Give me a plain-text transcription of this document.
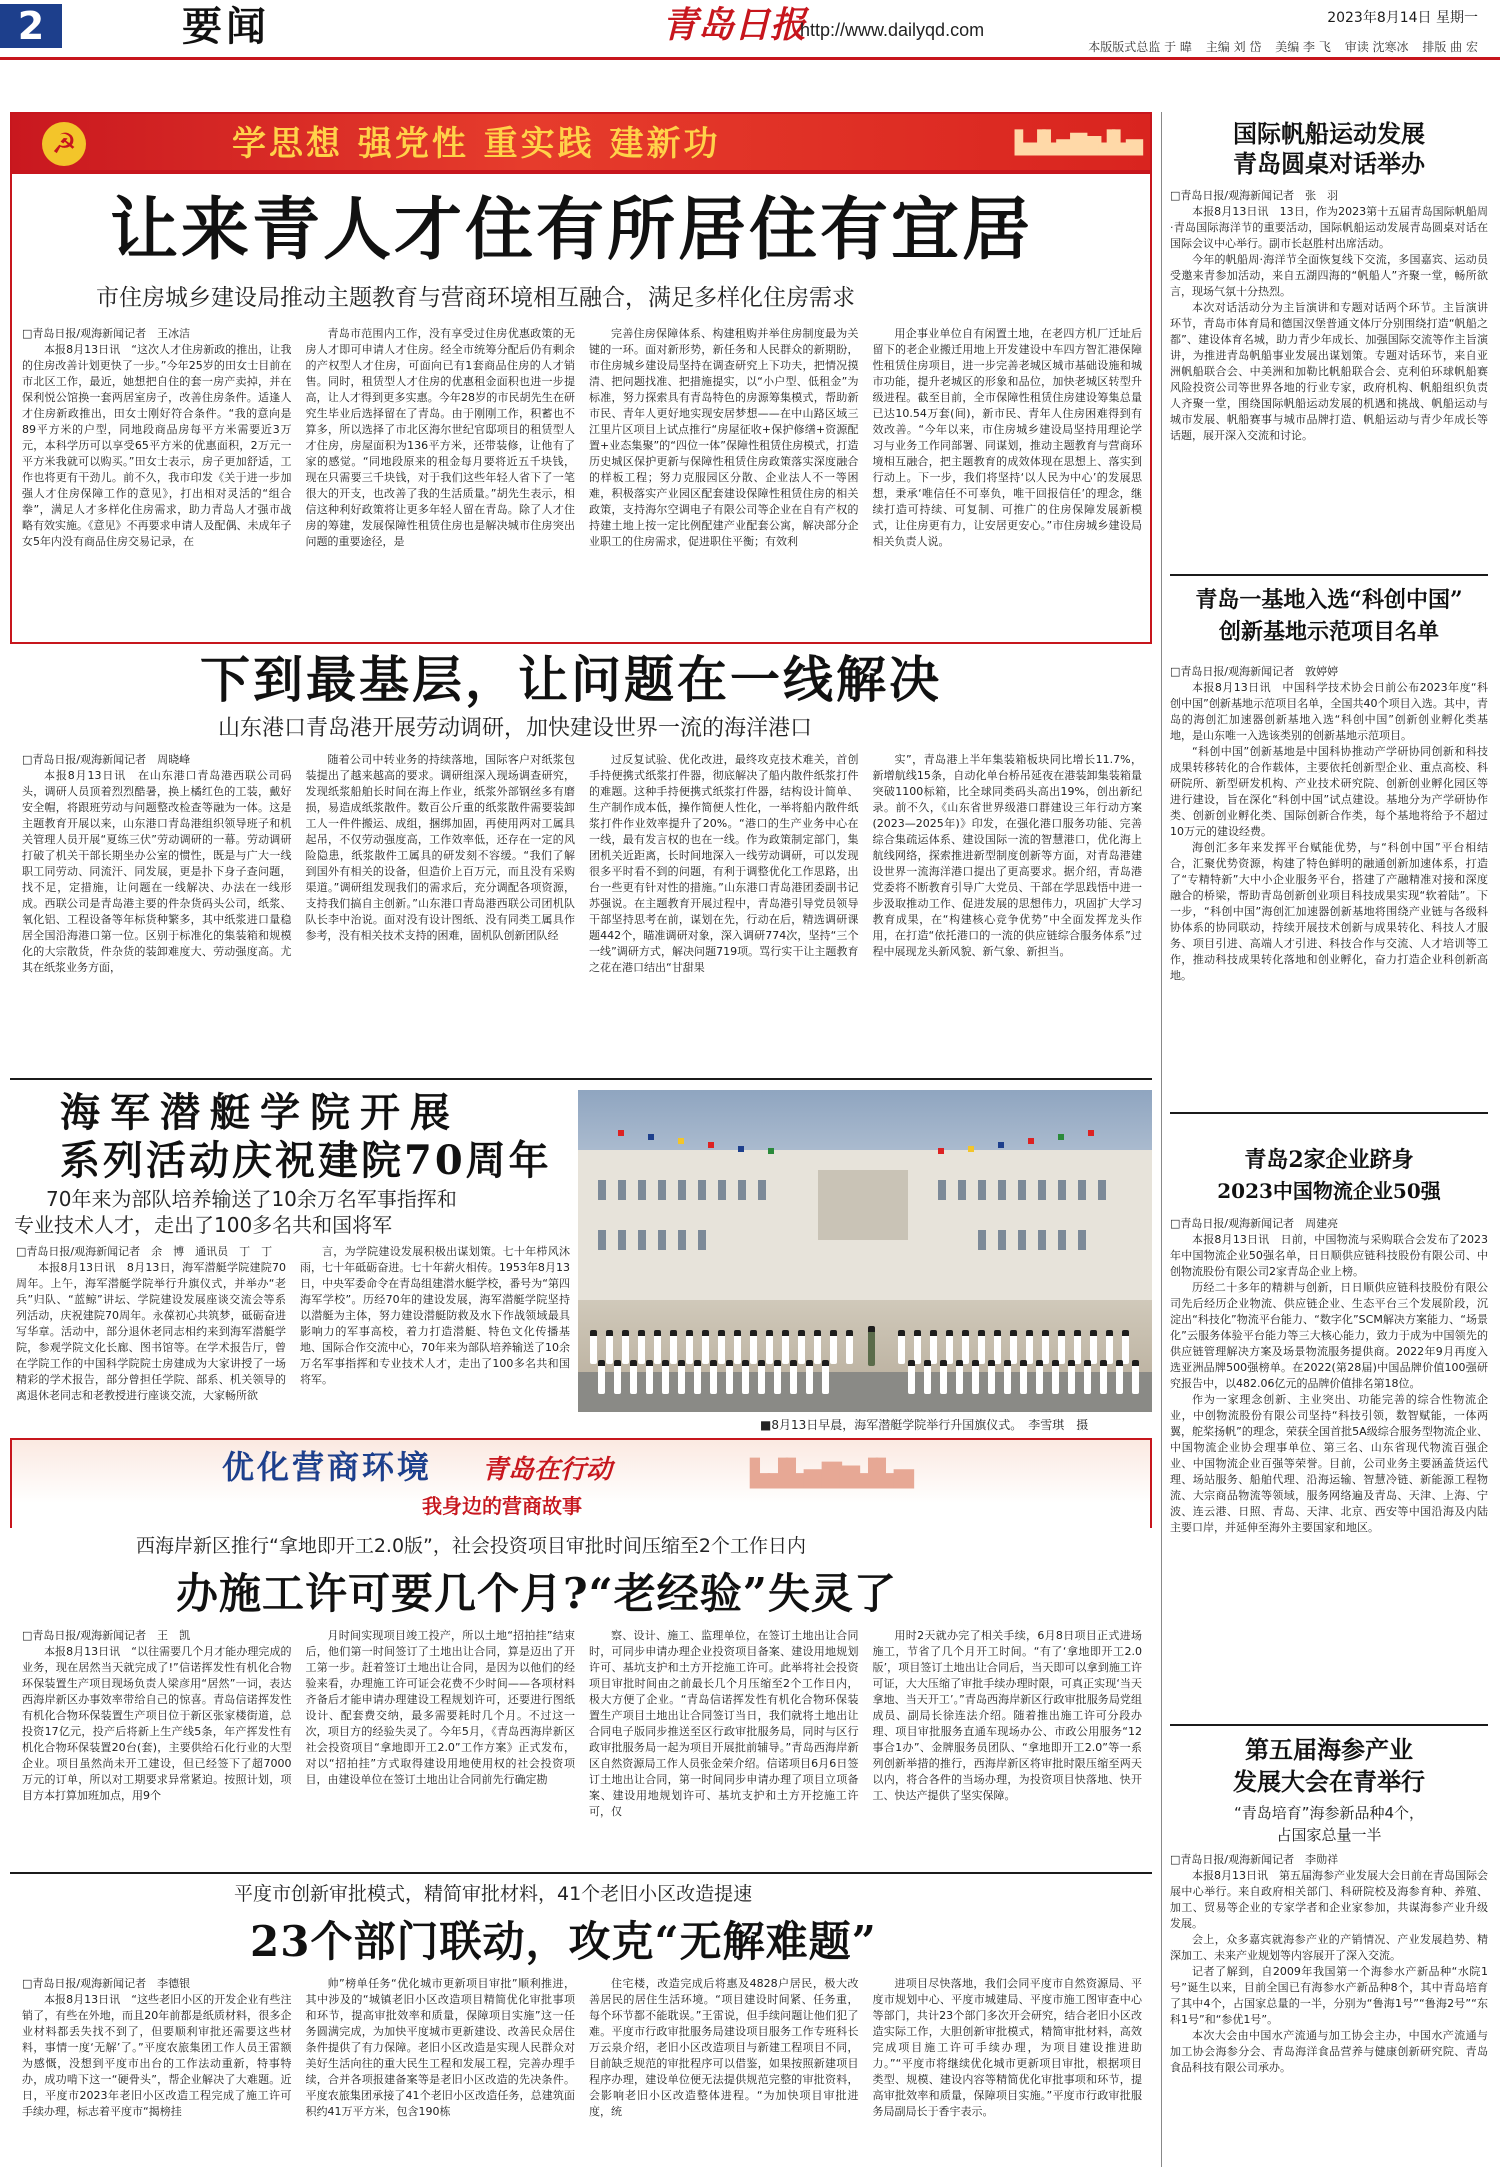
2	要闻	青岛日报
http://www.dailyqd.com
2023年8月14日 星期一
本版版式总监 于 暐 主编 刘 岱 美编 李 飞 审读 沈寒冰 排版 曲 宏
☭	学思想 强党性 重实践 建新功	▙▟▙▅▇▆▟▙▅
让来青人才住有所居住有宜居
市住房城乡建设局推动主题教育与营商环境相互融合，满足多样化住房需求

□青岛日报/观海新闻记者　王冰洁

本报8月13日讯　“这次人才住房新政的推出，让我的住房改善计划更快了一步。”今年25岁的田女士目前在市北区工作，最近，她想把自住的套一房产卖掉，并在保利悦公馆换一套两居室房子，改善住房条件。适逢人才住房新政推出，田女士刚好符合条件。“我的意向是89平方米的户型，同地段商品房每平方米需要近3万元，本科学历可以享受65平方米的优惠面积，2万元一平方米我就可以购买。”田女士表示，房子更加舒适，工作也将更有干劲儿。前不久，我市印发《关于进一步加强人才住房保障工作的意见》，打出相对灵活的“组合拳”，满足人才多样化住房需求，助力青岛人才强市战略有效实施。《意见》不再要求申请人及配偶、未成年子女5年内没有商品住房交易记录，在

青岛市范围内工作，没有享受过住房优惠政策的无房人才即可申请人才住房。经全市统筹分配后仍有剩余的产权型人才住房，可面向已有1套商品住房的人才销售。同时，租赁型人才住房的优惠租金面积也进一步提高，让人才得到更多实惠。今年28岁的市民胡先生在研究生毕业后选择留在了青岛。由于刚刚工作，积蓄也不算多，所以选择了市北区海尔世纪官邸项目的租赁型人才住房，房屋面积为136平方米，还带装修，让他有了家的感觉。“同地段原来的租金每月要将近五千块钱，现在只需要三千块钱，对于我们这些年轻人省下了一笔很大的开支，也改善了我的生活质量。”胡先生表示，相信这种利好政策将让更多年轻人留在青岛。除了人才住房的筹建，发展保障性租赁住房也是解决城市住房突出问题的重要途径，是

完善住房保障体系、构建租购并举住房制度最为关键的一环。面对新形势，新任务和人民群众的新期盼，市住房城乡建设局坚持在调查研究上下功夫，把情况摸清、把问题找准、把措施提实，以“小户型、低租金”为标准，努力探索具有青岛特色的房源筹集模式，帮助新市民、青年人更好地实现安居梦想——在中山路区域三江里片区项目上试点推行“房屋征收+保护修缮+资源配置+业态集聚”的“四位一体”保障性租赁住房模式，打造历史城区保护更新与保障性租赁住房政策落实深度融合的样板工程；努力克服园区分散、企业法人不一等困难，积极落实产业园区配套建设保障性租赁住房的相关政策，支持海尔空调电子有限公司等企业在自有产权的持建土地上按一定比例配建产业配套公寓，解决部分企业职工的住房需求，促进职住平衡；有效利

用企事业单位自有闲置土地，在老四方机厂迁址后留下的老企业搬迁用地上开发建设中车四方智汇港保障性租赁住房项目，进一步完善老城区城市基础设施和城市功能，提升老城区的形象和品位，加快老城区转型升级进程。截至目前，全市保障性租赁住房建设筹集总量已达10.54万套(间)，新市民、青年人住房困难得到有效改善。“今年以来，市住房城乡建设局坚持用理论学习与业务工作同部署、同谋划，推动主题教育与营商环境相互融合，把主题教育的成效体现在思想上、落实到行动上。下一步，我们将坚持‘以人民为中心’的发展思想，秉承‘唯信任不可辜负，唯干回报信任’的理念，继续打造可持续、可复制、可推广的住房保障发展新模式，让住房更有力，让安居更安心。”市住房城乡建设局相关负责人说。

下到最基层，让问题在一线解决
山东港口青岛港开展劳动调研，加快建设世界一流的海洋港口

□青岛日报/观海新闻记者　周晓峰

本报8月13日讯　在山东港口青岛港西联公司码头，调研人员顶着烈烈酷暑，换上橘红色的工装，戴好安全帽，将跟班劳动与问题整改检查等融为一体。这是主题教育开展以来，山东港口青岛港组织领导班子和机关管理人员开展“夏练三伏”劳动调研的一幕。劳动调研打破了机关干部长期坐办公室的惯性，既是与广大一线职工同劳动、同流汗、同发展，更是扑下身子查问题，找不足，定措施，让问题在一线解决、办法在一线形成。西联公司是青岛港主要的件杂货码头公司，纸浆、氧化铝、工程设备等年标货种繁多，其中纸浆进口量稳居全国沿海港口第一位。区别于标准化的集装箱和规模化的大宗散货，件杂货的装卸难度大、劳动强度高。尤其在纸浆业务方面，

随着公司中转业务的持续落地，国际客户对纸浆包装提出了越来越高的要求。调研组深入现场调查研究，发现纸浆船舶长时间在海上作业，纸浆外部钢丝多有磨损，易造成纸浆散件。数百公斤重的纸浆散件需要装卸工人一件件搬运、成组，捆绑加固，再使用两对工属具起吊，不仅劳动强度高，工作效率低，还存在一定的风险隐患，纸浆散件工属具的研发刻不容缓。“我们了解到国外有相关的设备，但造价上百万元，而且没有采购渠道。”调研组发现我们的需求后，充分调配各项资源，支持我们搞自主创新。”山东港口青岛港西联公司团机队队长李中治说。面对没有设计图纸、没有同类工属具作参考，没有相关技术支持的困难，固机队创新团队经

过反复试验、优化改进，最终攻克技术难关，首创手持便携式纸浆打件器，彻底解决了船内散件纸浆打件的难题。这种手持便携式纸浆打件器，结构设计简单、生产制作成本低，操作简便人性化，一举将船内散件纸浆打件作业效率提升了20%。“港口的生产业务中心在一线，最有发言权的也在一线。作为政策制定部门，集团机关近距离，长时间地深入一线劳动调研，可以发现很多平时看不到的问题，有利于调整优化工作思路，出台一些更有针对性的措施。”山东港口青岛港团委副书记苏强说。在主题教育开展过程中，青岛港引导党员领导干部坚持思考在前，谋划在先，行动在后，精选调研课题442个，瞄准调研对象，深入调研774次，坚持“三个一线”调研方式，解决问题719项。骂行实干让主题教育之花在港口结出“甘甜果

实”，青岛港上半年集装箱板块同比增长11.7%，新增航线15条，自动化单台桥吊延夜在港装卸集装箱量突破1100标箱，比全球同类码头高出19%，创出新纪录。前不久，《山东省世界级港口群建设三年行动方案(2023—2025年)》印发，在强化港口服务功能、完善综合集疏运体系、建设国际一流的智慧港口，优化海上航线网络，探索推进新型制度创新等方面，对青岛港建设世界一流海洋港口提出了更高要求。据介绍，青岛港党委将不断教育引导广大党员、干部在学思践悟中进一步汲取推动工作、促进发展的思想伟力，巩固扩大学习教育成果，在“构建核心竞争优势”中全面发挥龙头作用，在打造“依托港口的一流的供应链综合服务体系”过程中展现龙头新风貌、新气象、新担当。

海军潜艇学院开展
系列活动庆祝建院70周年
70年来为部队培养输送了10余万名军事指挥和
专业技术人才，走出了100多名共和国将军

□青岛日报/观海新闻记者　余　博　通讯员　丁　丁

本报8月13日讯　8月13日，海军潜艇学院建院70周年。上午，海军潜艇学院举行升旗仪式，并举办“老兵”归队、“蓝鲸”讲坛、学院建设发展座谈交流会等系列活动，庆祝建院70周年。永葆初心共筑梦，砥砺奋进写华章。活动中，部分退休老同志相约来到海军潜艇学院，参观学院文化长廊、图书馆等。在学术报告厅，曾在学院工作的中国科学院院士房建成为大家讲授了一场精彩的学术报告，部分曾担任学院、部系、机关领导的离退休老同志和老教授进行座谈交流，大家畅所欲

言，为学院建设发展积极出谋划策。七十年栉风沐雨，七十年砥砺奋进。七十年薪火相传。1953年8月13日，中央军委命令在青岛组建潜水艇学校，番号为“第四海军学校”。历经70年的建设发展，海军潜艇学院坚持以潜艇为主体，努力建设潜艇防救及水下作战领域最具影响力的军事高校，着力打造潜艇、特色文化传播基地、国际合作交流中心，70年来为部队培养输送了10余万名军事指挥和专业技术人才，走出了100多名共和国将军。

■8月13日早晨，海军潜艇学院举行升国旗仪式。　李雪琪　摄
优化营商环境 青岛在行动
我身边的营商故事
▙▟▙▅▇▆▟▙▅
西海岸新区推行“拿地即开工2.0版”，社会投资项目审批时间压缩至2个工作日内
办施工许可要几个月?“老经验”失灵了

□青岛日报/观海新闻记者　王　凯

本报8月13日讯　“以往需要几个月才能办理完成的业务，现在居然当天就完成了!”信诺挥发性有机化合物环保装置生产项目现场负责人梁彦用“居然”一词，表达西海岸新区办事效率带给自己的惊喜。青岛信诺挥发性有机化合物环保装置生产项目位于新区张家楼街道，总投资17亿元，投产后将新上生产线5条，年产挥发性有机化合物环保装置20台(套)，主要供给石化行业的大型企业。项目虽然尚未开工建设，但已经签下了超7000万元的订单，所以对工期要求异常紧迫。按照计划，项目方本打算加班加点，用9个

月时间实现项目竣工投产，所以土地“招拍挂”结束后，他们第一时间签订了土地出让合同，算是迈出了开工第一步。赶着签订土地出让合同，是因为以他们的经验来看，办理施工许可证会花费不少时间——各项材料齐备后才能申请办理建设工程规划许可，还要进行图纸设计、配套费交纳，最多需要耗时几个月。不过这一次，项目方的经验失灵了。今年5月，《青岛西海岸新区社会投资项目“拿地即开工2.0”工作方案》正式发布，对以“招拍挂”方式取得建设用地使用权的社会投资项目，由建设单位在签订土地出让合同前先行确定勘

察、设计、施工、监理单位，在签订土地出让合同时，可同步申请办理企业投资项目备案、建设用地规划许可、基坑支护和土方开挖施工许可。此举将社会投资项目审批时间由之前最长几个月压缩至2个工作日内，极大方便了企业。“青岛信诺挥发性有机化合物环保装置生产项目土地出让合同签订当日，我们就将土地出让合同电子版同步推送至区行政审批服务局，同时与区行政审批服务局一起为项目开展批前辅导。”青岛西海岸新区自然资源局工作人员张金荣介绍。信诺项目6月6日签订土地出让合同，第一时间同步申请办理了项目立项备案、建设用地规划许可、基坑支护和土方开挖施工许可，仅

用时2天就办完了相关手续，6月8日项目正式进场施工，节省了几个月开工时间。“有了‘拿地即开工2.0版’，项目签订土地出让合同后，当天即可以拿到施工许可证，大大压缩了审批手续办理时限，可真正实现‘当天拿地、当天开工’。”青岛西海岸新区行政审批服务局党组成员、副局长徐连法介绍。随着推出施工许可分段办理、项目审批服务直通车现场办公、市政公用服务“12事合1办”、金牌服务员团队、“拿地即开工2.0”等一系列创新举措的推行，西海岸新区将审批时限压缩至两天以内，将合各件的当场办理，为投资项目快落地、快开工、快达产提供了坚实保障。

平度市创新审批模式，精简审批材料，41个老旧小区改造提速
23个部门联动，攻克“无解难题”

□青岛日报/观海新闻记者　李德银

本报8月13日讯　“这些老旧小区的开发企业有些注销了，有些在外地，而且20年前都是纸质材料，很多企业材料都丢失找不到了，但要顺利审批还需要这些材料，事情一度‘无解’了。”平度农旅集团工作人员王雷额为感慨，没想到平度市出台的工作法动重新，特事特办，成功啃下这一“硬骨头”，帮企业解决了大难题。近日，平度市2023年老旧小区改造工程完成了施工许可手续办理，标志着平度市“揭榜挂

帅”榜单任务“优化城市更新项目审批”顺利推进，其中涉及的“城镇老旧小区改造项目精简优化审批事项和环节，提高审批效率和质量，保障项目实施”这一任务圆满完成，为加快平度城市更新建设、改善民众居住条件提供了有力保障。老旧小区改造是实现人民群众对美好生活向往的重大民生工程和发展工程，完善办理手续，合并各项报建备案等是老旧小区改造的先决条件。平度农旅集团承接了41个老旧小区改造任务，总建筑面积约41万平方米，包含190栋

住宅楼，改造完成后将惠及4828户居民，极大改善居民的居住生活环境。“项目建设时间紧、任务重，每个环节都不能耽误。”王雷说，但手续问题让他们犯了难。平度市行政审批服务局建设项目服务工作专班科长万云泉介绍，老旧小区改造项目与新建工程项目不同，目前缺乏规范的审批程序可以借鉴，如果按照新建项目程序办理，建设单位便无法提供规范完整的审批资料，会影响老旧小区改造整体进程。“为加快项目审批进度，统

进项目尽快落地，我们会同平度市自然资源局、平度市规划中心、平度市城建局、平度市施工图审查中心等部门，共计23个部门多次开会研究，结合老旧小区改造实际工作，大胆创新审批模式，精简审批材料，高效完成项目施工许可手续办理，为项目建设推进助力。”“平度市将继续优化城市更新项目审批，根据项目类型、规模、建设内容等精简优化审批事项和环节，提高审批效率和质量，保障项目实施。”平度市行政审批服务局副局长于香宇表示。

国际帆船运动发展
青岛圆桌对话举办

□青岛日报/观海新闻记者　张　羽

本报8月13日讯　13日，作为2023第十五届青岛国际帆船周·青岛国际海洋节的重要活动，国际帆船运动发展青岛圆桌对话在国际会议中心举行。副市长赵胜村出席活动。

今年的帆船周·海洋节全面恢复线下交流，多国嘉宾、运动员受邀来青参加活动，来自五湖四海的“帆船人”齐聚一堂，畅所欲言，现场气氛十分热烈。

本次对话活动分为主旨演讲和专题对话两个环节。主旨演讲环节，青岛市体育局和德国汉堡普通文体厅分别围绕打造“帆船之都”、建设体育名城，助力青少年成长、加强国际交流等作主旨演讲，为推进青岛帆船事业发展出谋划策。专题对话环节，来自亚洲帆船联合会、中美洲和加勒比帆船联合会、克利伯环球帆船赛风险投资公司等世界各地的行业专家，政府机构、帆船组织负责人齐聚一堂，围绕国际帆船运动发展的机遇和挑战、帆船运动与城市发展、帆船赛事与城市品牌打造、帆船运动与青少年成长等话题，展开深入交流和讨论。

青岛一基地入选“科创中国”
创新基地示范项目名单

□青岛日报/观海新闻记者　敦婷婷

本报8月13日讯　中国科学技术协会日前公布2023年度“科创中国”创新基地示范项目名单，全国共40个项目入选。其中，青岛的海创汇加速器创新基地入选“科创中国”创新创业孵化类基地，是山东唯一入选该类别的创新基地示范项目。

“科创中国”创新基地是中国科协推动产学研协同创新和科技成果转移转化的合作载体，主要依托创新型企业、重点高校、科研院所、新型研发机构、产业技术研究院、创新创业孵化园区等进行建设，旨在深化“科创中国”试点建设。基地分为产学研协作类、创新创业孵化类、国际创新合作类，每个基地将给予不超过10万元的建设经费。

海创汇多年来发挥平台赋能优势，与“科创中国”平台相结合，汇聚优势资源，构建了特色鲜明的融通创新加速体系，打造了“专精特新”大中小企业服务平台，搭建了产融精准对接和深度融合的桥梁，帮助青岛创新创业项目科技成果实现“软着陆”。下一步，“科创中国”海创汇加速器创新基地将围绕产业链与各级科协体系的协同联动，持续开展技术创新与成果转化、科技人才服务、项目引进、高端人才引进、科技合作与交流、人才培训等工作，推动科技成果转化落地和创业孵化，奋力打造企业科创新高地。

青岛2家企业跻身
2023中国物流企业50强

□青岛日报/观海新闻记者　周建亮

本报8月13日讯　日前，中国物流与采购联合会发布了2023年中国物流企业50强名单，日日顺供应链科技股份有限公司、中创物流股份有限公司2家青岛企业上榜。

历经二十多年的精耕与创新，日日顺供应链科技股份有限公司先后经历企业物流、供应链企业、生态平台三个发展阶段，沉淀出“科技化”物流平台能力、“数字化”SCM解决方案能力、“场景化”云服务体验平台能力等三大核心能力，致力于成为中国领先的供应链管理解决方案及场景物流服务提供商。2022年9月再度入选亚洲品牌500强榜单。在2022(第28届)中国品牌价值100强研究报告中，以482.06亿元的品牌价值排名第18位。

作为一家理念创新、主业突出、功能完善的综合性物流企业，中创物流股份有限公司坚持“科技引领，数智赋能，一体两翼，舵桨扬帆”的理念，荣获全国首批5A级综合服务型物流企业、中国物流企业协会理事单位、第三名、山东省现代物流百强企业、中国物流企业百强等荣誉。目前，公司业务主要涵盖货运代理、场站服务、船舶代理、沿海运输、智慧冷链、新能源工程物流、大宗商品物流等领域，服务网络遍及青岛、天津、上海、宁波、连云港、日照、青岛、天津、北京、西安等中国沿海及内陆主要口岸，并延伸至海外主要国家和地区。

第五届海参产业
发展大会在青举行
“青岛培育”海参新品种4个，
占国家总量一半

□青岛日报/观海新闻记者　李勋祥

本报8月13日讯　第五届海参产业发展大会日前在青岛国际会展中心举行。来自政府相关部门、科研院校及海参育种、养殖、加工、贸易等企业的专家学者和企业家参加，共谋海参产业升级发展。

会上，众多嘉宾就海参产业的产销情况、产业发展趋势、精深加工、未来产业规划等内容展开了深入交流。

记者了解到，自2009年我国第一个海参水产新品种“水院1号”诞生以来，目前全国已有海参水产新品种8个，其中青岛培育了其中4个，占国家总量的一半，分别为“鲁海1号”“鲁海2号”“东科1号”和“参优1号”。

本次大会由中国水产流通与加工协会主办，中国水产流通与加工协会海参分会、青岛海洋食品营养与健康创新研究院、青岛食品科技有限公司承办。
